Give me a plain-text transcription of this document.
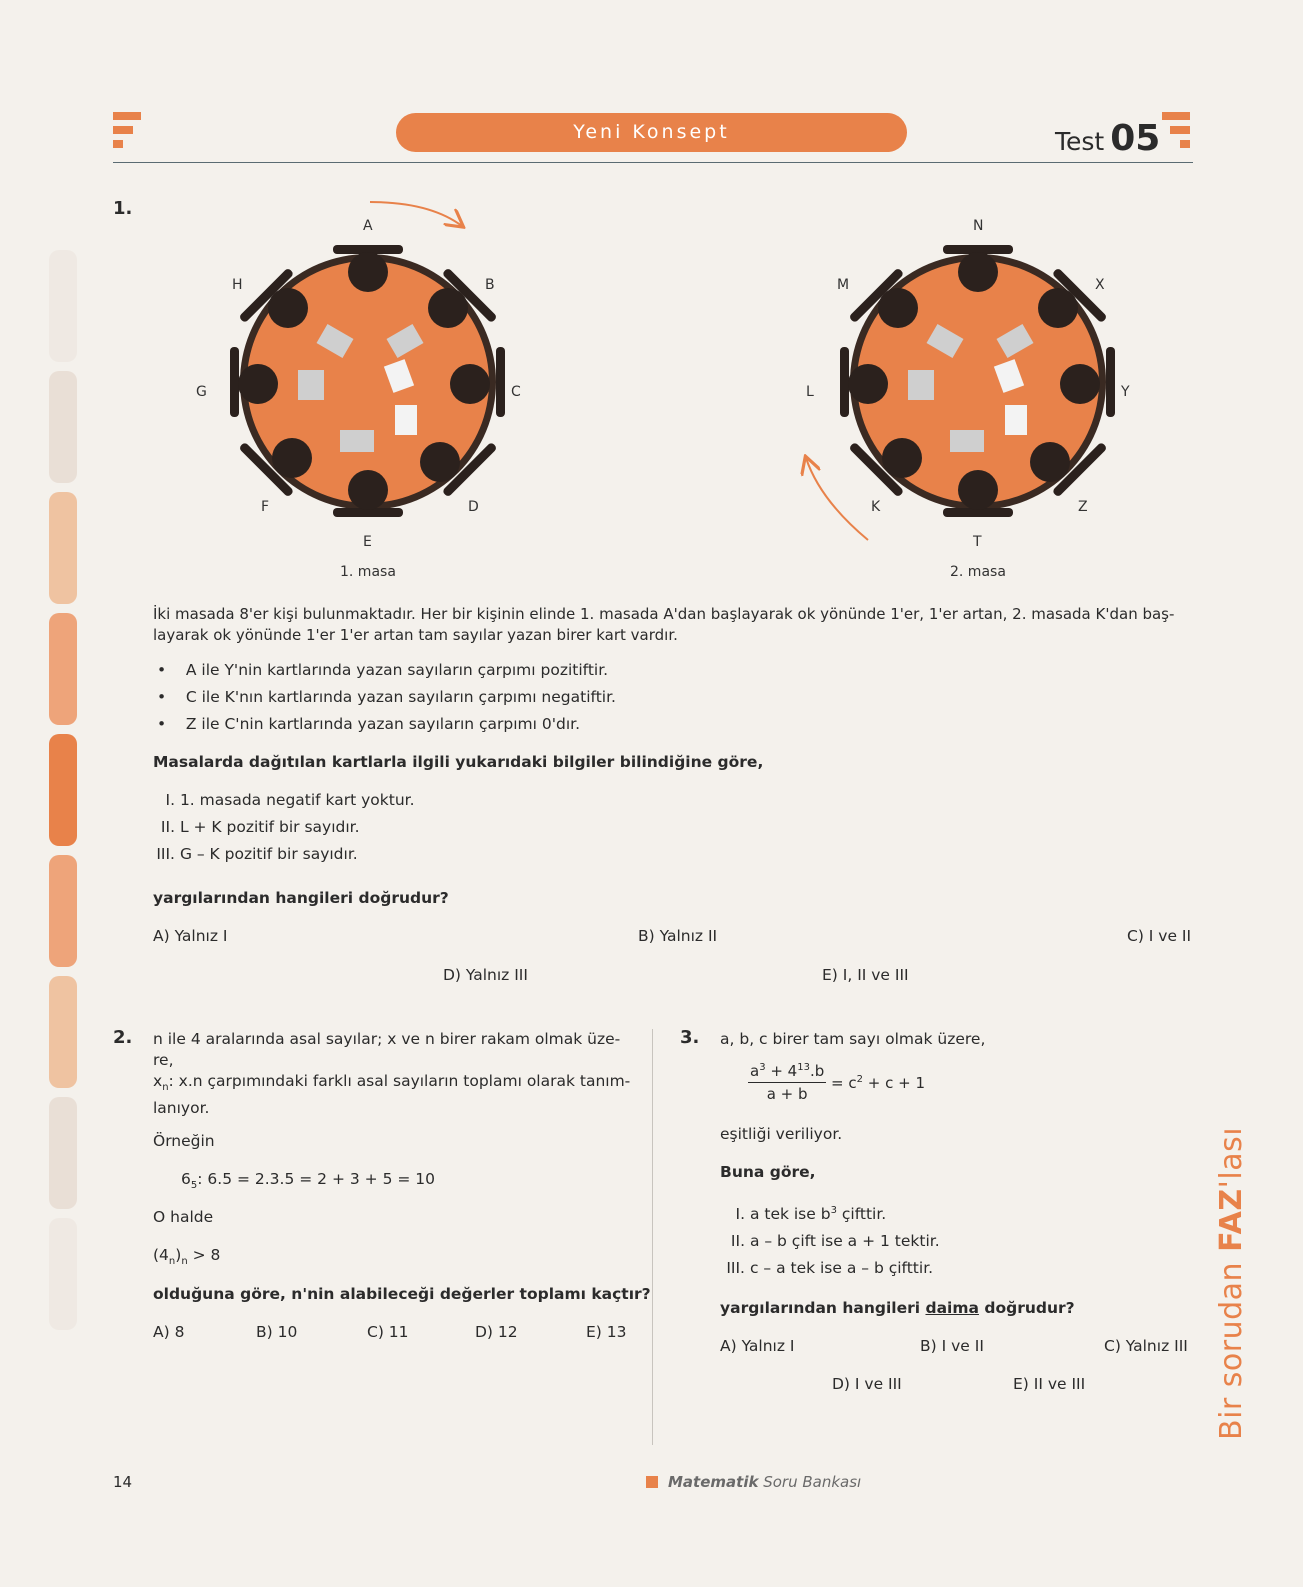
Yeni Konsept	Test 05
1.
A
B
C
D
E
F
G
H
1. masa
N
X
Y
Z
T
K
L
M
2. masa
İki masada 8'er kişi bulunmaktadır. Her bir kişinin elinde 1. masada A'dan başlayarak ok yönünde 1'er, 1'er artan, 2. masada K'dan baş-
layarak ok yönünde 1'er 1'er artan tam sayılar yazan birer kart vardır.
•    A ile Y'nin kartlarında yazan sayıların çarpımı pozitiftir.
•    C ile K'nın kartlarında yazan sayıların çarpımı negatiftir.
•    Z ile C'nin kartlarında yazan sayıların çarpımı 0'dır.
Masalarda dağıtılan kartlarla ilgili yukarıdaki bilgiler bilindiğine göre,
I. 1. masada negatif kart yoktur.
II. L + K pozitif bir sayıdır.
III. G – K pozitif bir sayıdır.
yargılarından hangileri doğrudur?
A) Yalnız I	B) Yalnız II	C) I ve II
D) Yalnız III	E) I, II ve III
2. n ile 4 aralarında asal sayılar; x ve n birer rakam olmak üze-
re,
$x_n$: x.n çarpımındaki farklı asal sayıların toplamı olarak tanım-
lanıyor.
Örneğin
$6_5$: 6.5 = 2.3.5 = 2 + 3 + 5 = 10
O halde
$(4_n)_n > 8$
olduğuna göre, n'nin alabileceği değerler toplamı kaçtır?
A) 8	B) 10	C) 11	D) 12	E) 13
3. a, b, c birer tam sayı olmak üzere,
$\frac{a^3 + 4^{13}.b}{a + b} = c^2 + c + 1$
eşitliği veriliyor.
Buna göre,
I. a tek ise $b^3$ çifttir.
II. a – b çift ise a + 1 tektir.
III. c – a tek ise a – b çifttir.
yargılarından hangileri daima doğrudur?
A) Yalnız I	B) I ve II	C) Yalnız III
D) I ve III	E) II ve III	Bir sorudan FAZ'lası
14	Matematik Soru Bankası
